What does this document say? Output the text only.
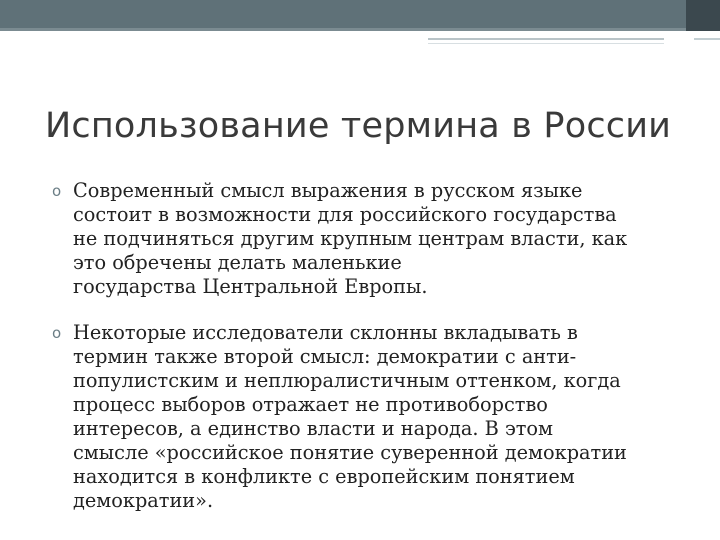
Использование термина в России
o Современный смысл выражения в русском языке
состоит в возможности для российского государства
не подчиняться другим крупным центрам власти, как
это обречены делать маленькие
государства Центральной Европы.
o Некоторые исследователи склонны вкладывать в
термин также второй смысл: демократии с анти-
популистским и неплюралистичным оттенком, когда
процесс выборов отражает не противоборство
интересов, а единство власти и народа. В этом
смысле «российское понятие суверенной демократии
находится в конфликте с европейским понятием
демократии».
